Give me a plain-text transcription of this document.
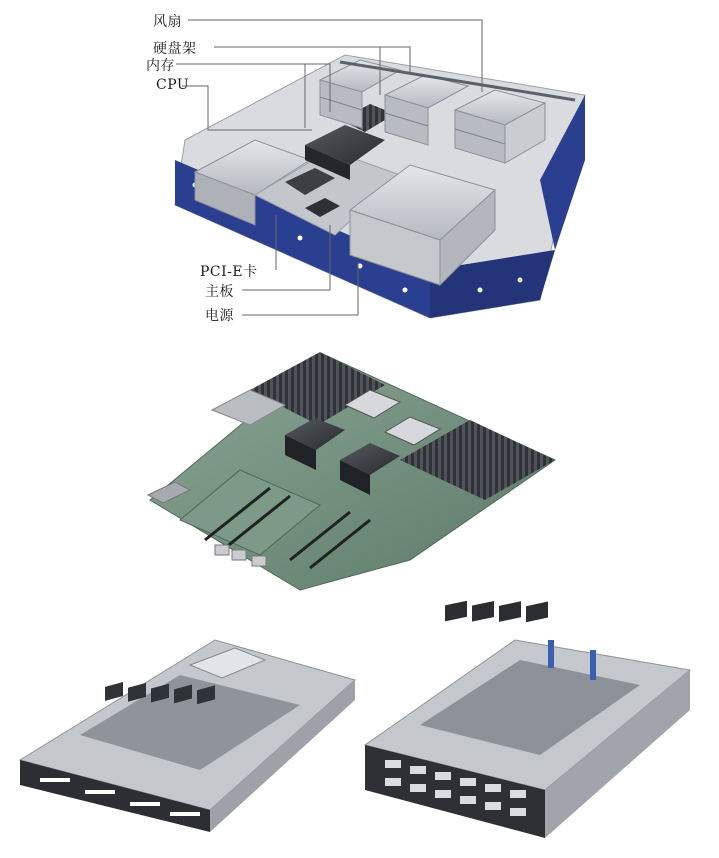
风扇
硬盘架
内存
CPU
PCI-E卡
主板
电源
